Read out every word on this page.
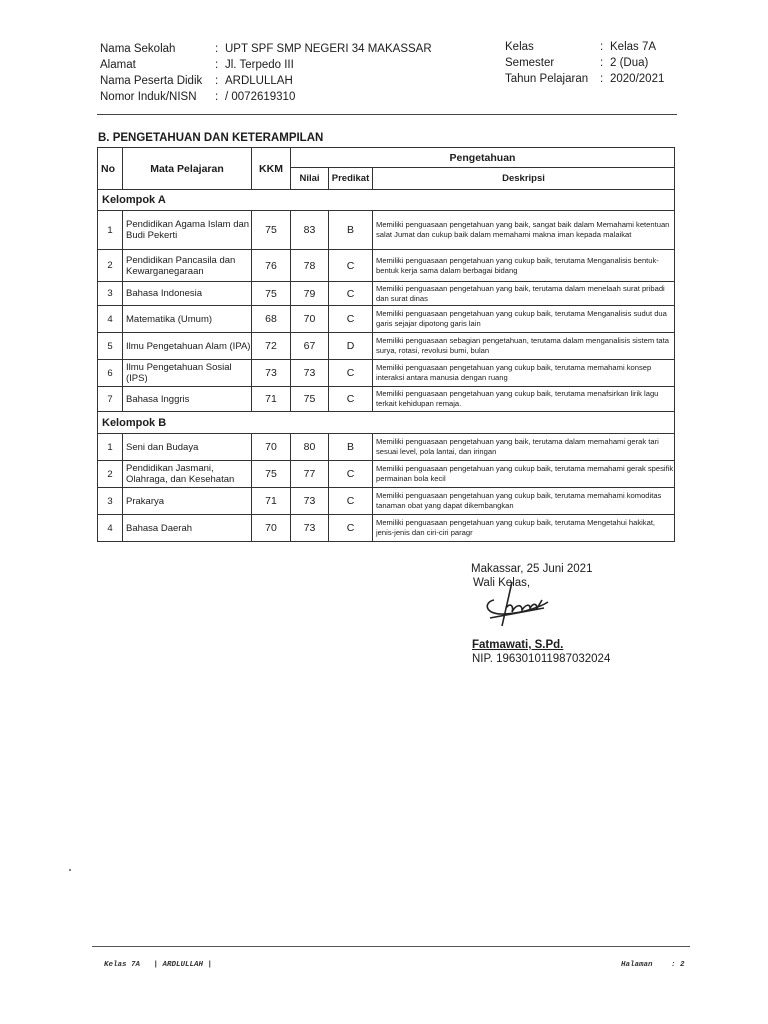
Nama Sekolah	: UPT SPF SMP NEGERI 34 MAKASSAR
Alamat	: Jl. Terpedo III
Nama Peserta Didik	: ARDLULLAH
Nomor Induk/NISN	: / 0072619310
Kelas	: Kelas 7A
Semester	: 2 (Dua)
Tahun Pelajaran	: 2020/2021
B. PENGETAHUAN DAN KETERAMPILAN
No	Mata Pelajaran	KKM	Pengetahuan		
			Nilai	Predikat	Deskripsi
Kelompok A					
1	Pendidikan Agama Islam dan Budi Pekerti	75	83	B	Memiliki penguasaan pengetahuan yang baik, sangat baik dalam Memahami ketentuan salat Jumat dan cukup baik dalam memahami makna iman kepada malaikat
2	Pendidikan Pancasila dan Kewarganegaraan	76	78	C	Memiliki penguasaan pengetahuan yang cukup baik, terutama Menganalisis bentuk-bentuk kerja sama dalam berbagai bidang
3	Bahasa Indonesia	75	79	C	Memiliki penguasaan pengetahuan yang baik, terutama dalam menelaah surat pribadi dan surat dinas
4	Matematika (Umum)	68	70	C	Memiliki penguasaan pengetahuan yang cukup baik, terutama Menganalisis sudut dua garis sejajar dipotong garis lain
5	Ilmu Pengetahuan Alam (IPA)	72	67	D	Memiliki penguasaan sebagian pengetahuan, terutama dalam menganalisis sistem tata surya, rotasi, revolusi bumi, bulan
6	Ilmu Pengetahuan Sosial (IPS)	73	73	C	Memiliki penguasaan pengetahuan yang cukup baik, terutama memahami konsep interaksi antara manusia dengan ruang
7	Bahasa Inggris	71	75	C	Memiliki penguasaan pengetahuan yang cukup baik, terutama menafsirkan lirik lagu terkait kehidupan remaja.
Kelompok B					
1	Seni dan Budaya	70	80	B	Memiliki penguasaan pengetahuan yang baik, terutama dalam memahami gerak tari sesuai level, pola lantai, dan iringan
2	Pendidikan Jasmani, Olahraga, dan Kesehatan	75	77	C	Memiliki penguasaan pengetahuan yang cukup baik, terutama memahami gerak spesifik permainan bola kecil
3	Prakarya	71	73	C	Memiliki penguasaan pengetahuan yang cukup baik, terutama memahami komoditas tanaman obat yang dapat dikembangkan
4	Bahasa Daerah	70	73	C	Memiliki penguasaan pengetahuan yang cukup baik, terutama Mengetahui hakikat, jenis-jenis dan ciri-ciri paragr
Makassar, 25 Juni 2021
Wali Kelas,
Fatmawati, S.Pd.
NIP. 196301011987032024
Kelas 7A   | ARDLULLAH |	Halaman : 2
